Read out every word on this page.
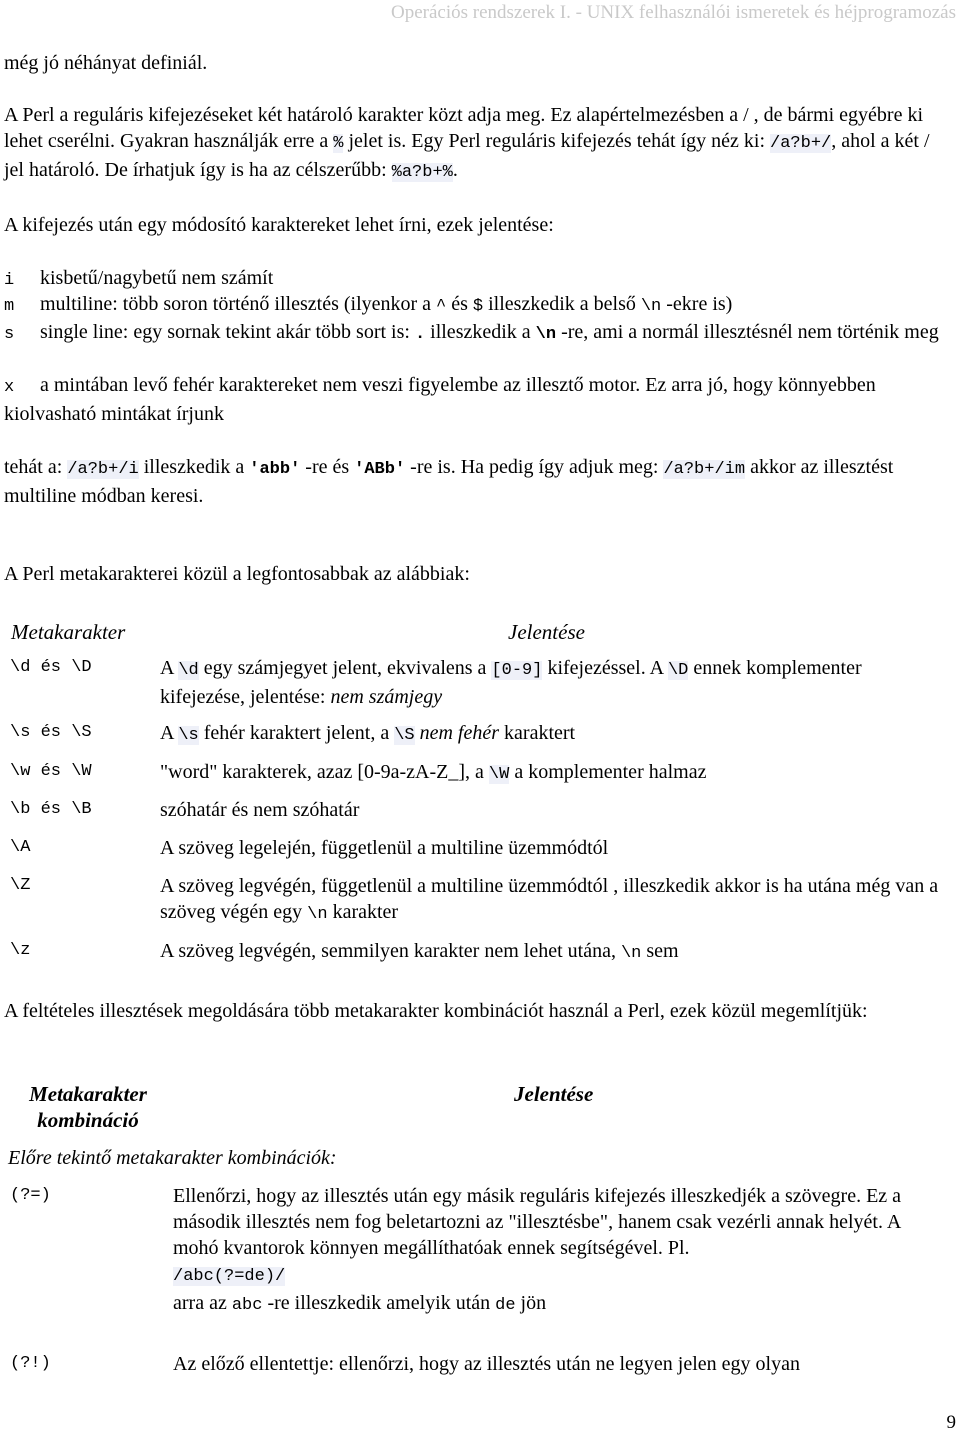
Operációs rendszerek I. - UNIX felhasználói ismeretek és héjprogramozás
még jó néhányat definiál.
A Perl a reguláris kifejezéseket két határoló karakter közt adja meg. Ez alapértelmezésben a / , de bármi egyébre ki lehet cserélni. Gyakran használják erre a % jelet is. Egy Perl reguláris kifejezés tehát így néz ki: /a?b+/, ahol a két / jel határoló. De írhatjuk így is ha az célszerűbb: %a?b+%.
A kifejezés után egy módosító karaktereket lehet írni, ezek jelentése:
i kisbetű/nagybetű nem számít
m multiline: több soron történő illesztés (ilyenkor a ^ és $ illeszkedik a belső \n -ekre is)
s single line: egy sornak tekint akár több sort is: . illeszkedik a \n -re, ami a normál illesztésnél nem történik meg
x a mintában levő fehér karaktereket nem veszi figyelembe az illesztő motor. Ez arra jó, hogy könnyebben kiolvasható mintákat írjunk
tehát a: /a?b+/i illeszkedik a 'abb' -re és 'ABb' -re is. Ha pedig így adjuk meg: /a?b+/im akkor az illesztést multiline módban keresi.
A Perl metakarakterei közül a legfontosabbak az alábbiak:
Metakarakter	Jelentése
\d és \D	A \d egy számjegyet jelent, ekvivalens a [0-9] kifejezéssel. A \D ennek komplementer kifejezése, jelentése: nem számjegy
\s és \S	A \s fehér karaktert jelent, a \S nem fehér karaktert
\w és \W	"word" karakterek, azaz [0-9a-zA-Z_], a \W a komplementer halmaz
\b és \B	szóhatár és nem szóhatár
\A	A szöveg legelején, függetlenül a multiline üzemmódtól
\Z	A szöveg legvégén, függetlenül a multiline üzemmódtól , illeszkedik akkor is ha utána még van a szöveg végén egy \n karakter
\z	A szöveg legvégén, semmilyen karakter nem lehet utána, \n sem
A feltételes illesztések megoldására több metakarakter kombinációt használ a Perl, ezek közül megemlítjük:
Metakarakter
kombináció
Jelentése
Előre tekintő metakarakter kombinációk:
(?=)	Ellenőrzi, hogy az illesztés után egy másik reguláris kifejezés illeszkedjék a szövegre. Ez a második illesztés nem fog beletartozni az "illesztésbe", hanem csak vezérli annak helyét. A mohó kvantorok könnyen megállíthatóak ennek segítségével. Pl.
/abc(?=de)/
arra az abc -re illeszkedik amelyik után de jön
(?!)	Az előző ellentettje: ellenőrzi, hogy az illesztés után ne legyen jelen egy olyan
9
